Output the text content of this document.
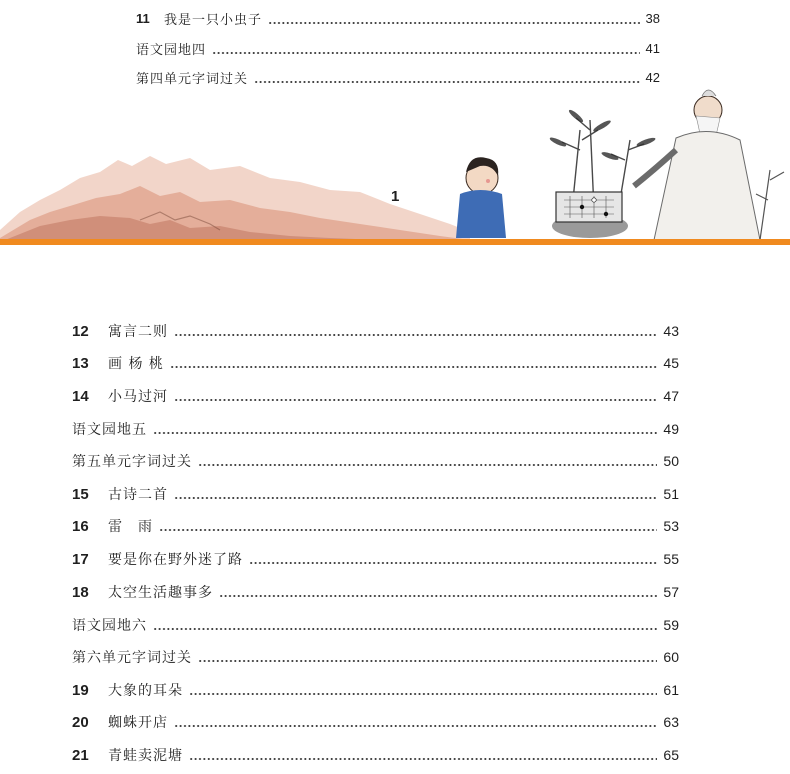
11	我是一只小虫子	38
语文园地四	41
第四单元字词过关	42
1
12	寓言二则	43
13	画 杨 桃	45
14	小马过河	47
语文园地五	49
第五单元字词过关	50
15	古诗二首	51
16	雷　雨	53
17	要是你在野外迷了路	55
18	太空生活趣事多	57
语文园地六	59
第六单元字词过关	60
19	大象的耳朵	61
20	蜘蛛开店	63
21	青蛙卖泥塘	65
